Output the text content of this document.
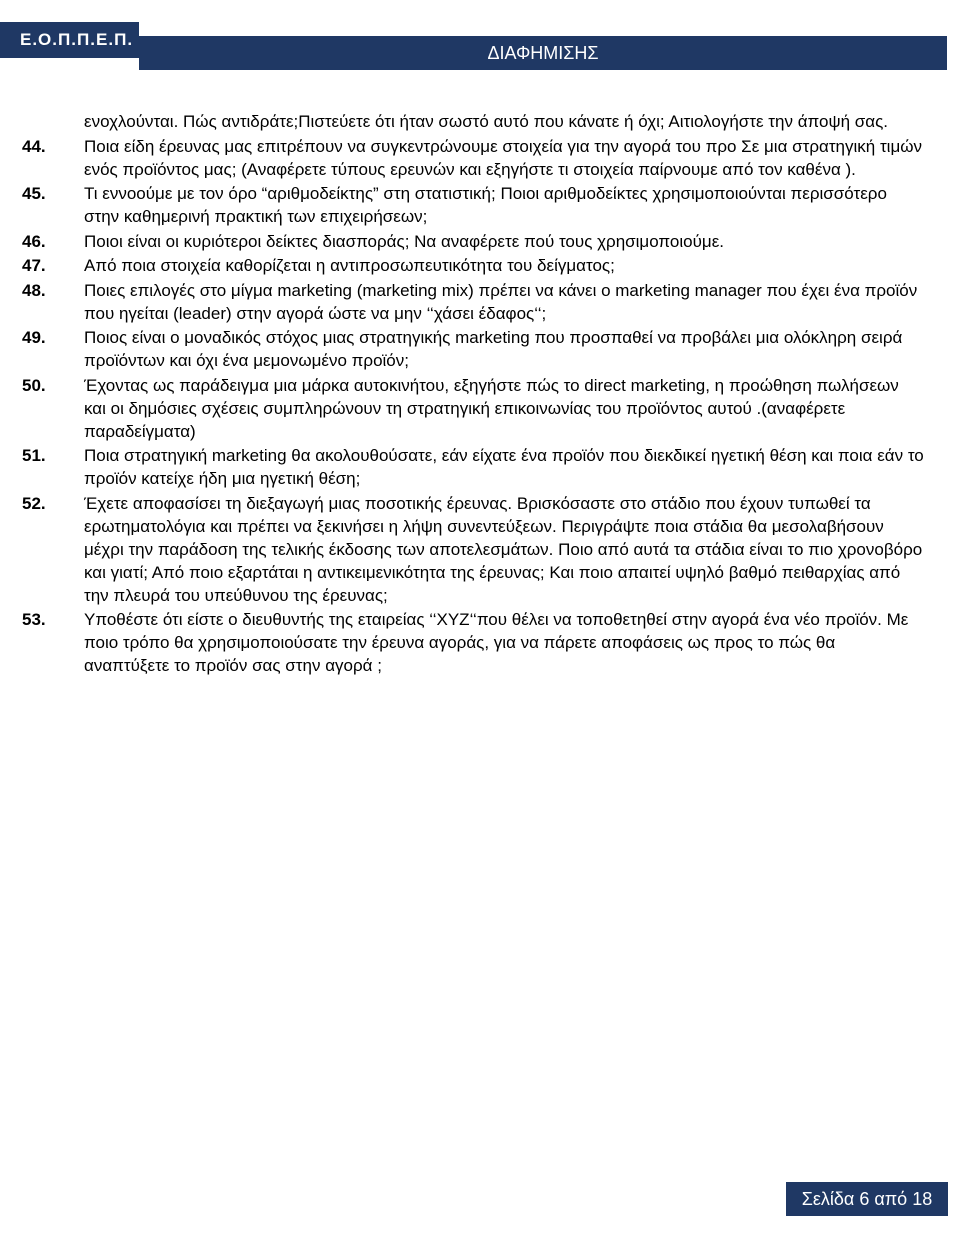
Ε.Ο.Π.Π.Ε.Π.
ΔΙΑΦΗΜΙΣΗΣ
ενοχλούνται. Πώς αντιδράτε;Πιστεύετε ότι ήταν σωστό αυτό που κάνατε ή όχι; Αιτιολογήστε την άποψή σας.
44. Ποια είδη έρευνας μας επιτρέπουν να συγκεντρώνουμε στοιχεία για την αγορά του προ Σε μια στρατηγική τιμών ενός προϊόντος μας; (Αναφέρετε τύπους ερευνών και εξηγήστε τι στοιχεία παίρνουμε από τον καθένα ).
45. Τι εννοούμε με τον όρο “αριθμοδείκτης” στη στατιστική; Ποιοι αριθμοδείκτες χρησιμοποιούνται περισσότερο στην καθημερινή πρακτική των επιχειρήσεων;
46. Ποιοι είναι οι κυριότεροι δείκτες διασποράς; Να αναφέρετε πού τους χρησιμοποιούμε.
47. Από ποια στοιχεία καθορίζεται η αντιπροσωπευτικότητα του δείγματος;
48. Ποιες επιλογές στο μίγμα marketing (marketing mix) πρέπει να κάνει ο marketing manager που έχει ένα προϊόν που ηγείται (leader) στην αγορά ώστε να μην ‘‘χάσει έδαφος‘‘;
49. Ποιος είναι ο μοναδικός στόχος μιας στρατηγικής marketing που προσπαθεί να προβάλει μια ολόκληρη σειρά προϊόντων και όχι ένα μεμονωμένο προϊόν;
50. Έχοντας ως παράδειγμα μια μάρκα αυτοκινήτου, εξηγήστε πώς το direct marketing, η προώθηση πωλήσεων και οι δημόσιες σχέσεις συμπληρώνουν τη στρατηγική επικοινωνίας του προϊόντος αυτού .(αναφέρετε παραδείγματα)
51. Ποια στρατηγική marketing θα ακολουθούσατε, εάν είχατε ένα προϊόν που διεκδικεί ηγετική θέση και ποια εάν το προϊόν κατείχε ήδη μια ηγετική θέση;
52. Έχετε αποφασίσει τη διεξαγωγή μιας ποσοτικής έρευνας. Βρισκόσαστε στο στάδιο που έχουν τυπωθεί τα ερωτηματολόγια και πρέπει να ξεκινήσει η λήψη συνεντεύξεων. Περιγράψτε ποια στάδια θα μεσολαβήσουν μέχρι την παράδοση της τελικής έκδοσης των αποτελεσμάτων. Ποιο από αυτά τα στάδια είναι το πιο χρονοβόρο και γιατί; Από ποιο εξαρτάται η αντικειμενικότητα της έρευνας; Και ποιο απαιτεί υψηλό βαθμό πειθαρχίας από την πλευρά του υπεύθυνου της έρευνας;
53. Υποθέστε ότι είστε ο διευθυντής της εταιρείας ‘‘XYZ‘‘που θέλει να τοποθετηθεί στην αγορά ένα νέο προϊόν. Με ποιο τρόπο θα χρησιμοποιούσατε την έρευνα αγοράς, για να πάρετε αποφάσεις ως προς το πώς θα αναπτύξετε το προϊόν σας στην αγορά ;
Σελίδα 6 από 18
